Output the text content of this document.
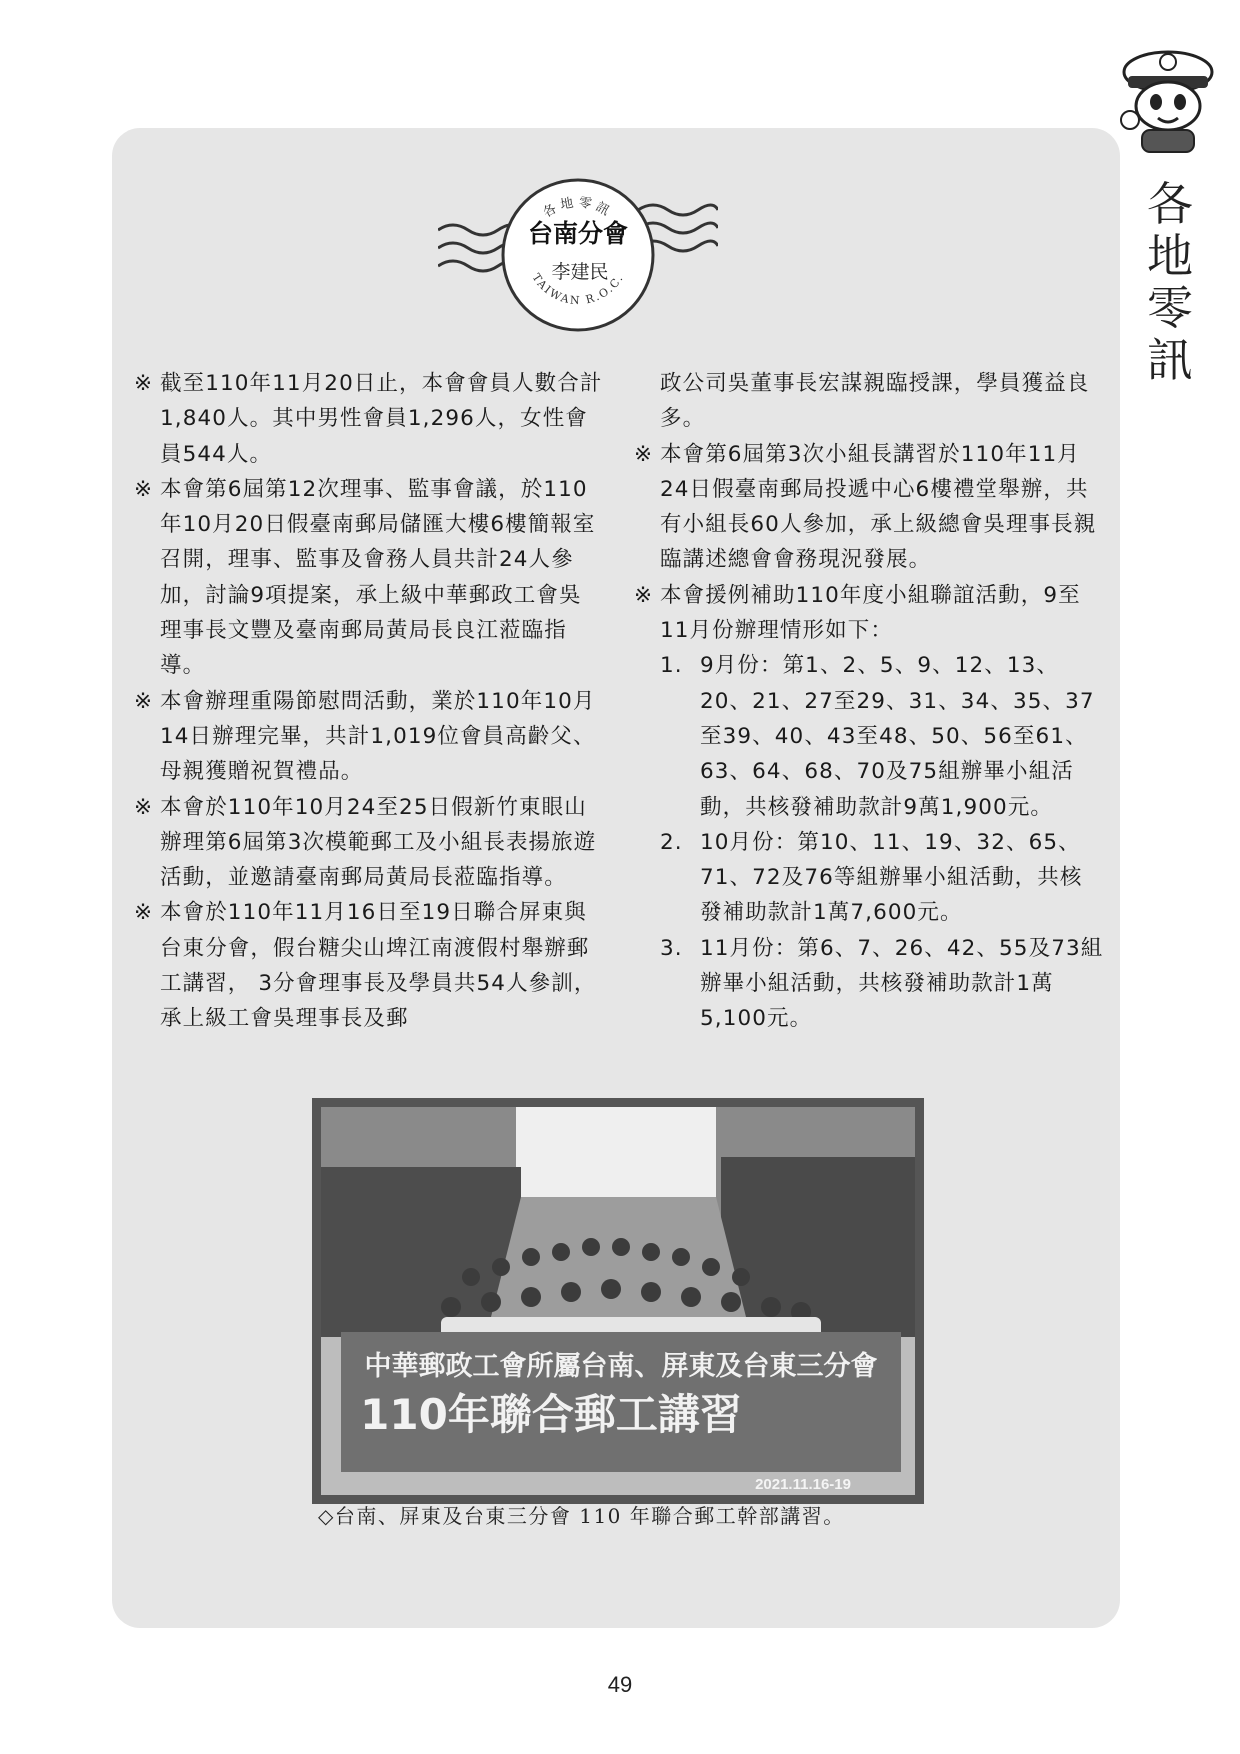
各
地
零
訊
各地零訊
台南分會
李建民
TAIWAN R.O.C.

※ 截至110年11月20日止，本會會員人數合計1,840人。其中男性會員1,296人，女性會員544人。

※ 本會第6屆第12次理事、監事會議，於110年10月20日假臺南郵局儲匯大樓6樓簡報室召開，理事、監事及會務人員共計24人參加，討論9項提案，承上級中華郵政工會吳理事長文豐及臺南郵局黃局長良江蒞臨指導。

※ 本會辦理重陽節慰問活動，業於110年10月14日辦理完畢，共計1,019位會員高齡父、母親獲贈祝賀禮品。

※ 本會於110年10月24至25日假新竹東眼山辦理第6屆第3次模範郵工及小組長表揚旅遊活動，並邀請臺南郵局黃局長蒞臨指導。

※ 本會於110年11月16日至19日聯合屏東與台東分會，假台糖尖山埤江南渡假村舉辦郵工講習， 3分會理事長及學員共54人參訓，承上級工會吳理事長及郵

政公司吳董事長宏謀親臨授課，學員獲益良多。

※ 本會第6屆第3次小組長講習於110年11月24日假臺南郵局投遞中心6樓禮堂舉辦，共有小組長60人參加，承上級總會吳理事長親臨講述總會會務現況發展。

※ 本會援例補助110年度小組聯誼活動，9至11月份辦理情形如下：

1. 9月份：第1、2、5、9、12、13、20、21、27至29、31、34、35、37至39、40、43至48、50、56至61、63、64、68、70及75組辦畢小組活動，共核發補助款計9萬1,900元。

2. 10月份：第10、11、19、32、65、71、72及76等組辦畢小組活動，共核發補助款計1萬7,600元。

3. 11月份：第6、7、26、42、55及73組辦畢小組活動，共核發補助款計1萬5,100元。

中華郵政工會所屬台南、屏東及台東三分會
110年聯合郵工講習
2021.11.16-19
◇台南、屏東及台東三分會 110 年聯合郵工幹部講習。
49
